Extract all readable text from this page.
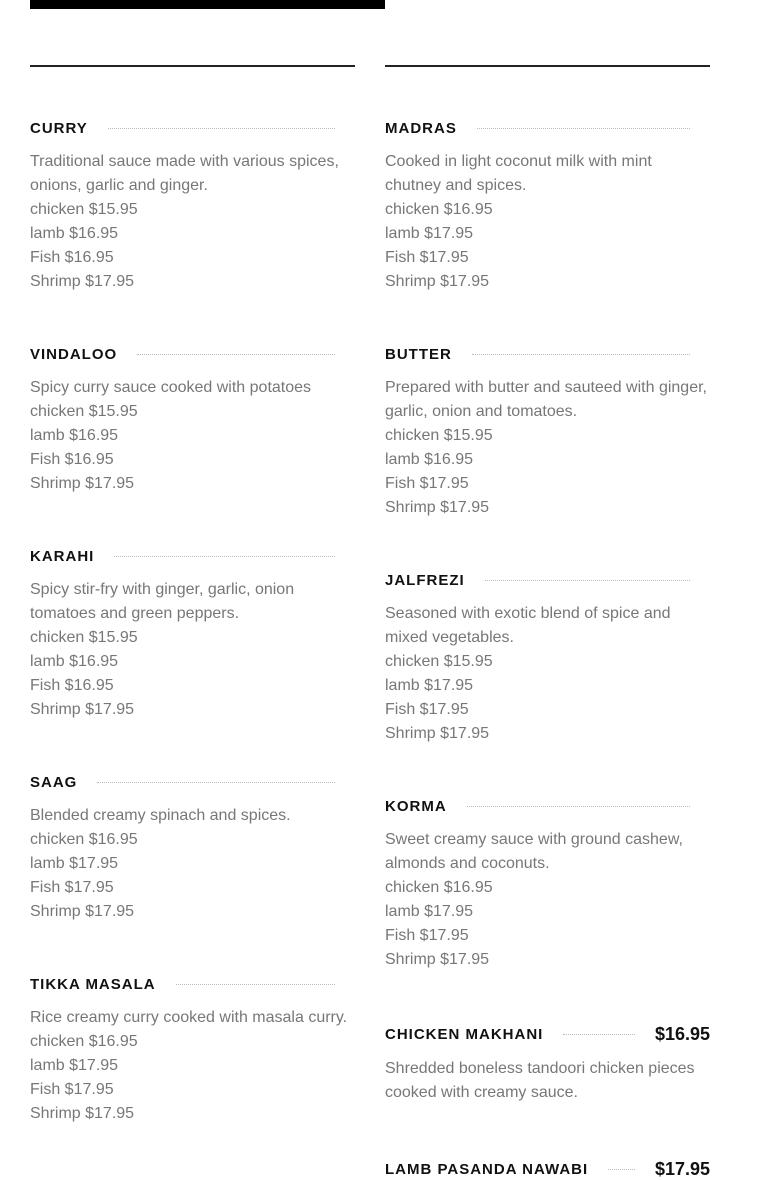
CURRY
Traditional sauce made with various spices, onions, garlic and ginger.
chicken $15.95
lamb $16.95
Fish $16.95
Shrimp $17.95
VINDALOO
Spicy curry sauce cooked with potatoes
chicken $15.95
lamb $16.95
Fish $16.95
Shrimp $17.95
KARAHI
Spicy stir-fry with ginger, garlic, onion tomatoes and green peppers.
chicken $15.95
lamb $16.95
Fish $16.95
Shrimp $17.95
SAAG
Blended creamy spinach and spices.
chicken $16.95
lamb $17.95
Fish $17.95
Shrimp $17.95
TIKKA MASALA
Rice creamy curry cooked with masala curry.
chicken $16.95
lamb $17.95
Fish $17.95
Shrimp $17.95
MADRAS
Cooked in light coconut milk with mint chutney and spices.
chicken $16.95
lamb $17.95
Fish $17.95
Shrimp $17.95
BUTTER
Prepared with butter and sauteed with ginger, garlic, onion and tomatoes.
chicken $15.95
lamb $16.95
Fish $17.95
Shrimp $17.95
JALFREZI
Seasoned with exotic blend of spice and mixed vegetables.
chicken $15.95
lamb $17.95
Fish $17.95
Shrimp $17.95
KORMA
Sweet creamy sauce with ground cashew, almonds and coconuts.
chicken $16.95
lamb $17.95
Fish $17.95
Shrimp $17.95
CHICKEN MAKHANI	$16.95
Shredded boneless tandoori chicken pieces cooked with creamy sauce.
LAMB PASANDA NAWABI	$17.95
